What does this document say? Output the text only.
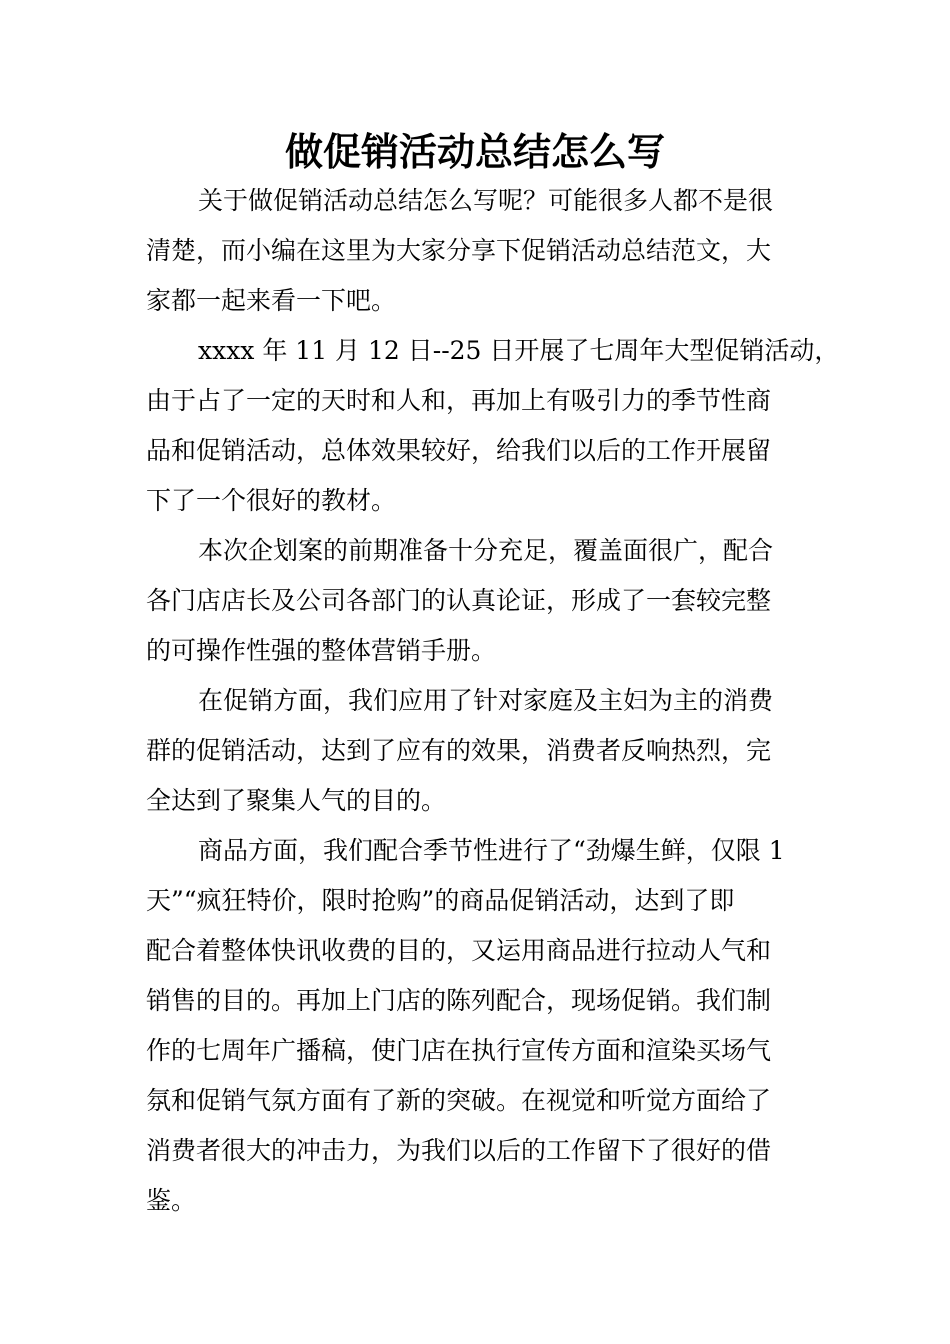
做促销活动总结怎么写
关于做促销活动总结怎么写呢？可能很多人都不是很
清楚，而小编在这里为大家分享下促销活动总结范文，大
家都一起来看一下吧。
xxxx 年 11 月 12 日--25 日开展了七周年大型促销活动，
由于占了一定的天时和人和，再加上有吸引力的季节性商
品和促销活动，总体效果较好，给我们以后的工作开展留
下了一个很好的教材。
本次企划案的前期准备十分充足，覆盖面很广，配合
各门店店长及公司各部门的认真论证，形成了一套较完整
的可操作性强的整体营销手册。
在促销方面，我们应用了针对家庭及主妇为主的消费
群的促销活动，达到了应有的效果，消费者反响热烈，完
全达到了聚集人气的目的。
商品方面，我们配合季节性进行了“劲爆生鲜，仅限 1
天”“疯狂特价，限时抢购”的商品促销活动，达到了即
配合着整体快讯收费的目的，又运用商品进行拉动人气和
销售的目的。再加上门店的陈列配合，现场促销。我们制
作的七周年广播稿，使门店在执行宣传方面和渲染买场气
氛和促销气氛方面有了新的突破。在视觉和听觉方面给了
消费者很大的冲击力，为我们以后的工作留下了很好的借
鉴。
